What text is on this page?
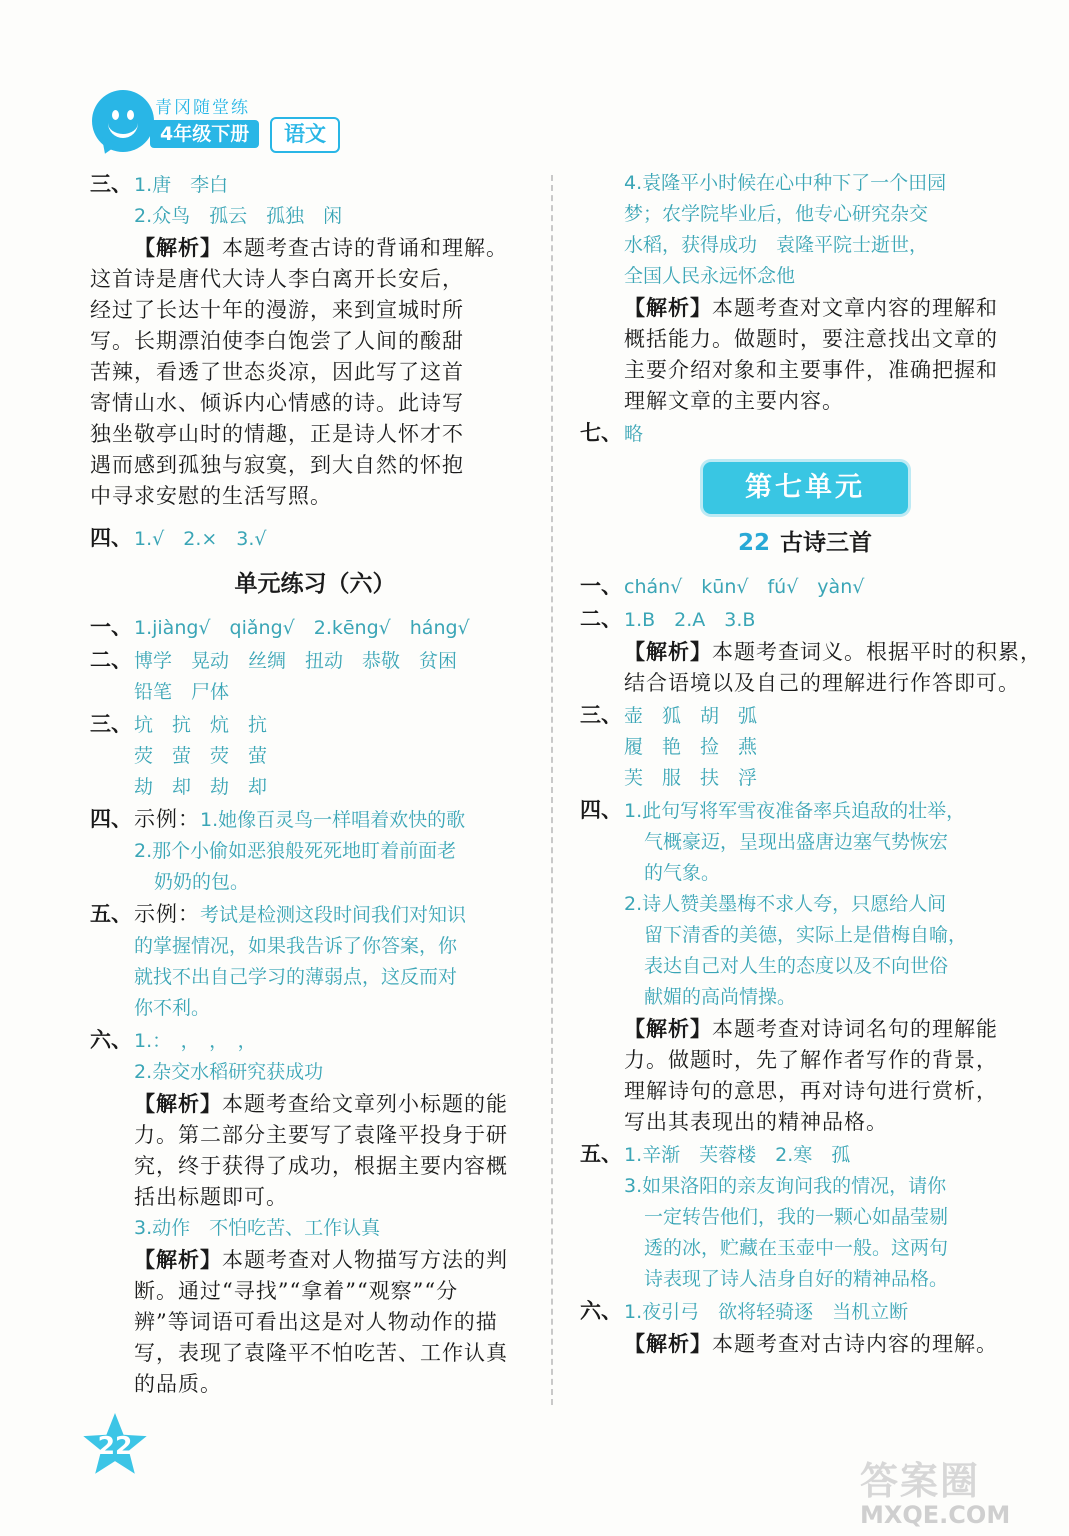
青冈随堂练
4年级下册	语文
三、 1.唐　李白
2.众鸟　孤云　孤独　闲
【解析】本题考查古诗的背诵和理解。
这首诗是唐代大诗人李白离开长安后，
经过了长达十年的漫游，来到宣城时所
写。长期漂泊使李白饱尝了人间的酸甜
苦辣，看透了世态炎凉，因此写了这首
寄情山水、倾诉内心情感的诗。此诗写
独坐敬亭山时的情趣，正是诗人怀才不
遇而感到孤独与寂寞，到大自然的怀抱
中寻求安慰的生活写照。
四、 1.√　2.×　3.√
单元练习（六）
一、 1.jiàng√　qiǎng√　2.kēng√　háng√
二、 博学　晃动　丝绸　扭动　恭敬　贫困
铅笔　尸体
三、 坑　抗　炕　抗
荧　萤　荧　萤
劫　却　劫　却
四、 示例： 1.她像百灵鸟一样唱着欢快的歌
2.那个小偷如恶狼般死死地盯着前面老
奶奶的包。
五、 示例： 考试是检测这段时间我们对知识
的掌握情况，如果我告诉了你答案，你
就找不出自己学习的薄弱点，这反而对
你不利。
六、 1.：　，　，　，
2.杂交水稻研究获成功
【解析】本题考查给文章列小标题的能
力。第二部分主要写了袁隆平投身于研
究，终于获得了成功，根据主要内容概
括出标题即可。
3.动作　不怕吃苦、工作认真
【解析】本题考查对人物描写方法的判
断。通过“寻找”“拿着”“观察”“分
辨”等词语可看出这是对人物动作的描
写，表现了袁隆平不怕吃苦、工作认真
的品质。
4.袁隆平小时候在心中种下了一个田园
梦；农学院毕业后，他专心研究杂交
水稻，获得成功　袁隆平院士逝世，
全国人民永远怀念他
【解析】本题考查对文章内容的理解和
概括能力。做题时，要注意找出文章的
主要介绍对象和主要事件，准确把握和
理解文章的主要内容。
七、 略
第七单元
22 古诗三首
一、 chán√　kūn√　fú√　yàn√
二、 1.B　2.A　3.B
【解析】本题考查词义。根据平时的积累，
结合语境以及自己的理解进行作答即可。
三、 壶　狐　胡　弧
履　艳　捡　燕
芙　服　扶　浮
四、 1.此句写将军雪夜准备率兵追敌的壮举，
气概豪迈，呈现出盛唐边塞气势恢宏
的气象。
2.诗人赞美墨梅不求人夸，只愿给人间
留下清香的美德，实际上是借梅自喻，
表达自己对人生的态度以及不向世俗
献媚的高尚情操。
【解析】本题考查对诗词名句的理解能
力。做题时，先了解作者写作的背景，
理解诗句的意思，再对诗句进行赏析，
写出其表现出的精神品格。
五、 1.辛渐　芙蓉楼　2.寒　孤
3.如果洛阳的亲友询问我的情况，请你
一定转告他们，我的一颗心如晶莹剔
透的冰，贮藏在玉壶中一般。这两句
诗表现了诗人洁身自好的精神品格。
六、 1.夜引弓　欲将轻骑逐　当机立断
【解析】本题考查对古诗内容的理解。
22
答案圈
MXQE.COM
